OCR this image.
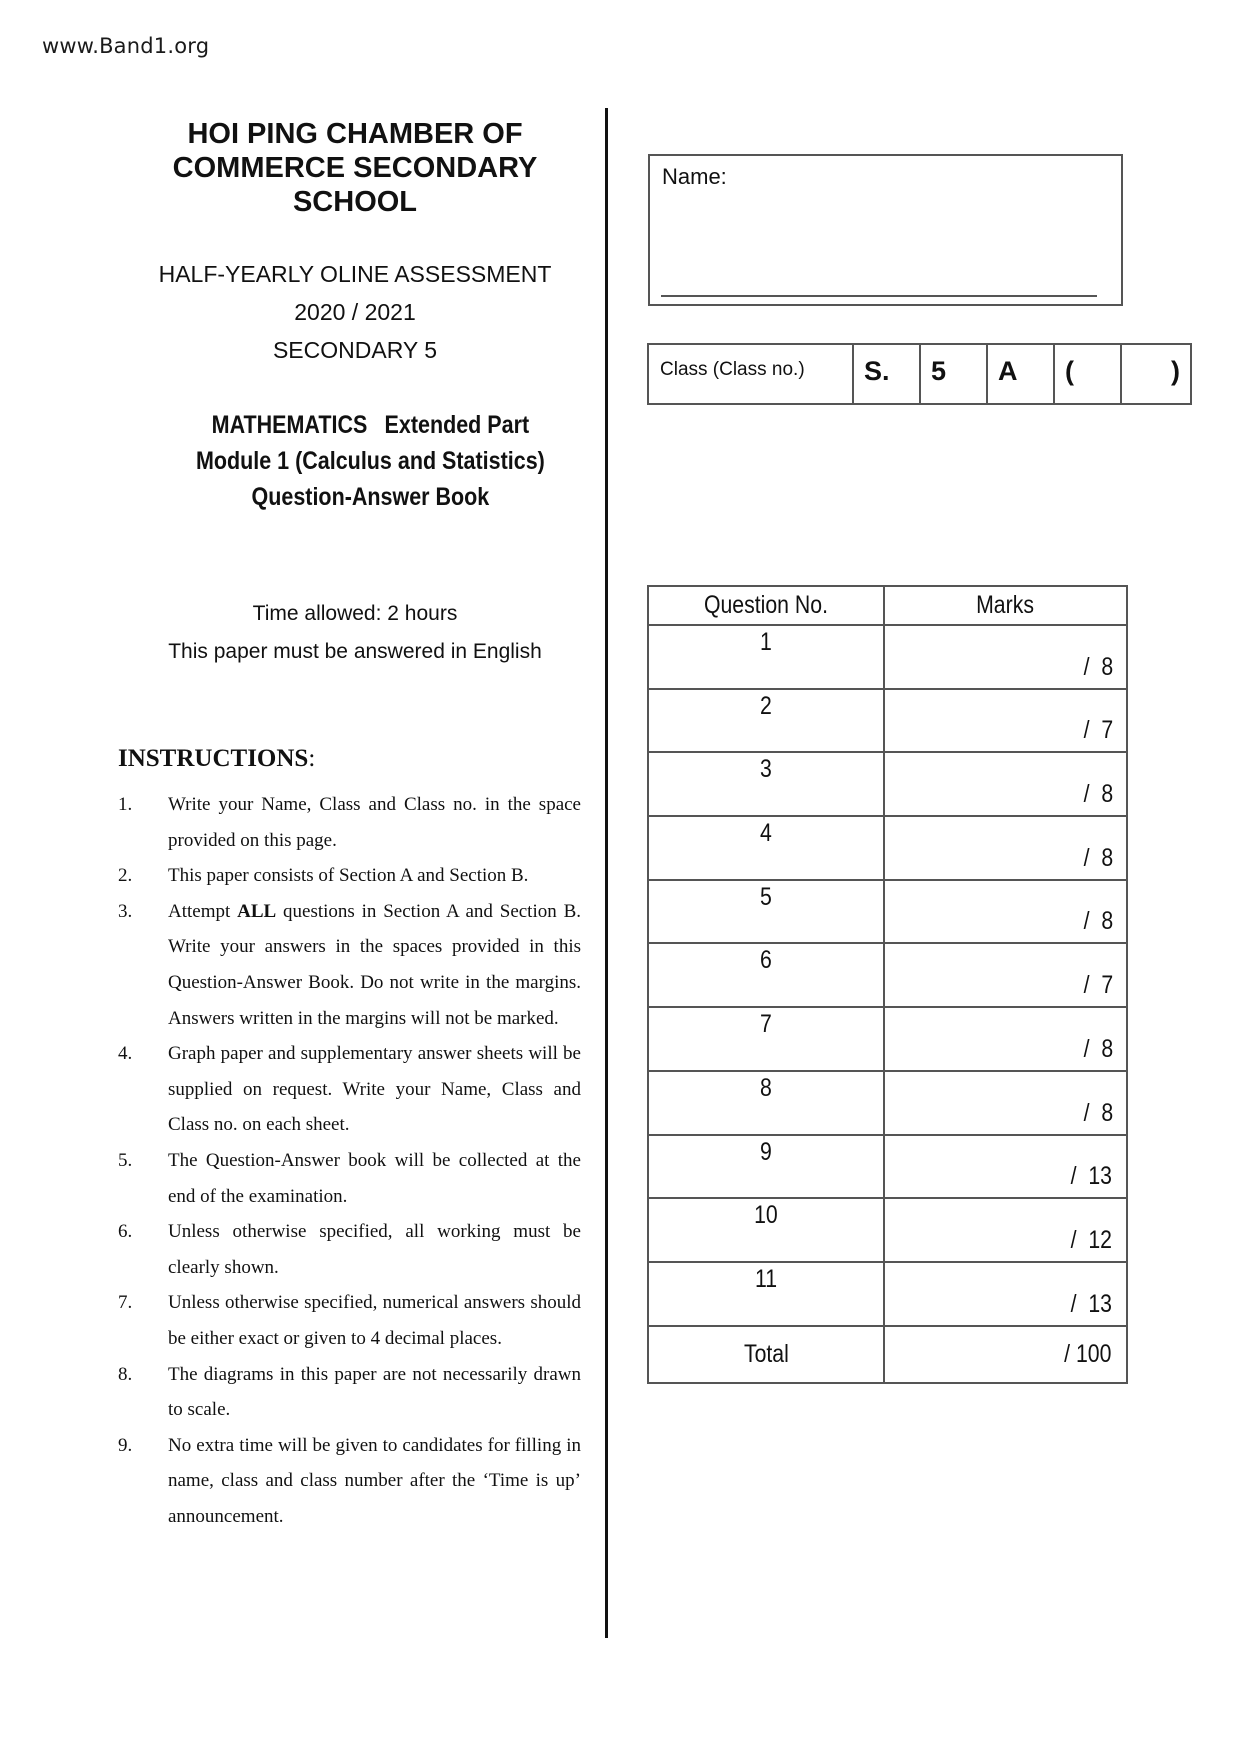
www.Band1.org
HOI PING CHAMBER OF
COMMERCE SECONDARY
SCHOOL
HALF-YEARLY OLINE ASSESSMENT
2020 / 2021
SECONDARY 5
MATHEMATICS Extended Part
Module 1 (Calculus and Statistics)
Question-Answer Book
Time allowed: 2 hours
This paper must be answered in English
INSTRUCTIONS:
1. Write your Name, Class and Class no. in the space provided on this page.
2. This paper consists of Section A and Section B.
3. Attempt ALL questions in Section A and Section B. Write your answers in the spaces provided in this Question-Answer Book. Do not write in the margins. Answers written in the margins will not be marked.
4. Graph paper and supplementary answer sheets will be supplied on request. Write your Name, Class and Class no. on each sheet.
5. The Question-Answer book will be collected at the end of the examination.
6. Unless otherwise specified, all working must be clearly shown.
7. Unless otherwise specified, numerical answers should be either exact or given to 4 decimal places.
8. The diagrams in this paper are not necessarily drawn to scale.
9. No extra time will be given to candidates for filling in name, class and class number after the ‘Time is up’ announcement.
Name:
Class (Class no.)	S.	5	A	(	)
Question No.	Marks
1	/  8
2	/  7
3	/  8
4	/  8
5	/  8
6	/  7
7	/  8
8	/  8
9	/  13
10	/  12
11	/  13
Total	/ 100
